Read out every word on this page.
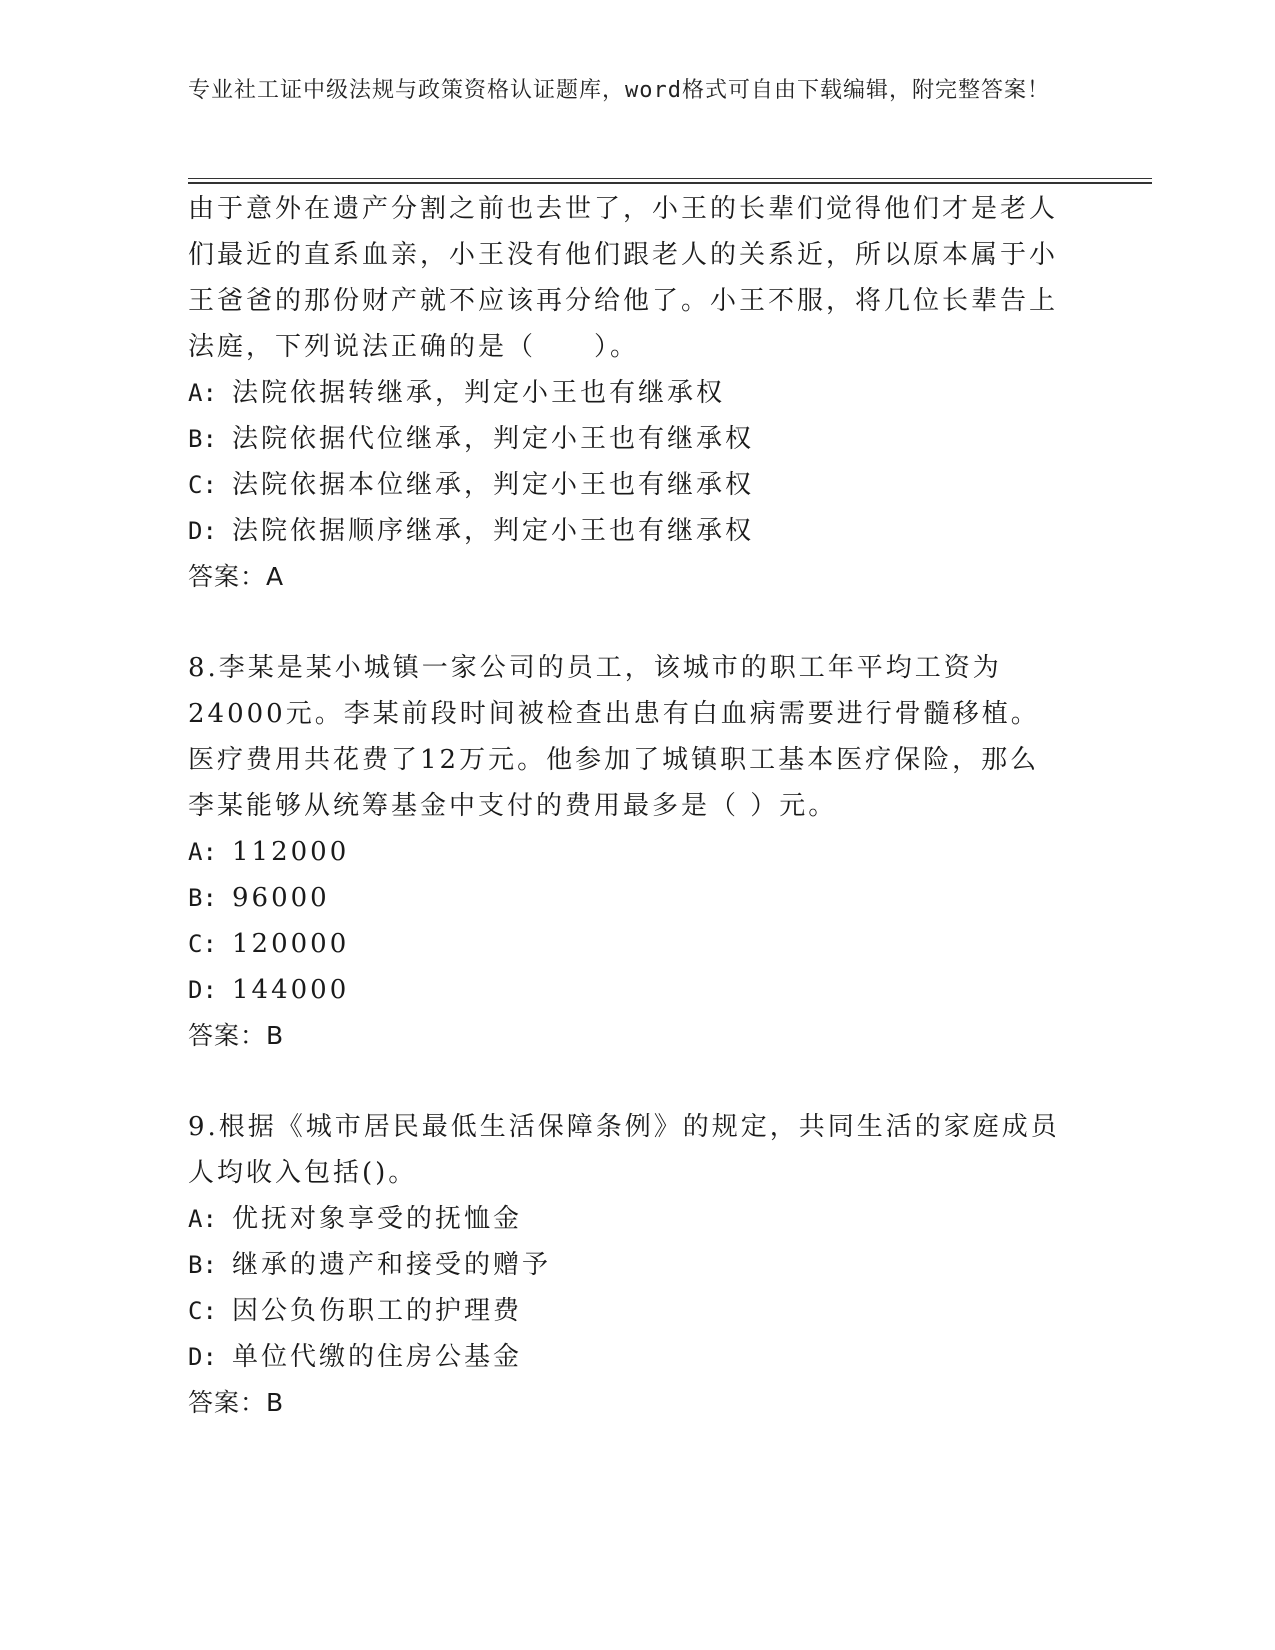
专业社工证中级法规与政策资格认证题库，word格式可自由下载编辑，附完整答案！

由于意外在遗产分割之前也去世了，小王的长辈们觉得他们才是老人们最近的直系血亲，小王没有他们跟老人的关系近，所以原本属于小王爸爸的那份财产就不应该再分给他了。小王不服，将几位长辈告上法庭，下列说法正确的是（　　）。

A: 法院依据转继承，判定小王也有继承权

B: 法院依据代位继承，判定小王也有继承权

C: 法院依据本位继承，判定小王也有继承权

D: 法院依据顺序继承，判定小王也有继承权

答案：A

8.李某是某小城镇一家公司的员工，该城市的职工年平均工资为24000元。李某前段时间被检查出患有白血病需要进行骨髓移植。医疗费用共花费了12万元。他参加了城镇职工基本医疗保险，那么李某能够从统筹基金中支付的费用最多是（ ）元。

A: 112000

B: 96000

C: 120000

D: 144000

答案：B

9.根据《城市居民最低生活保障条例》的规定，共同生活的家庭成员人均收入包括()。

A: 优抚对象享受的抚恤金

B: 继承的遗产和接受的赠予

C: 因公负伤职工的护理费

D: 单位代缴的住房公基金

答案：B
